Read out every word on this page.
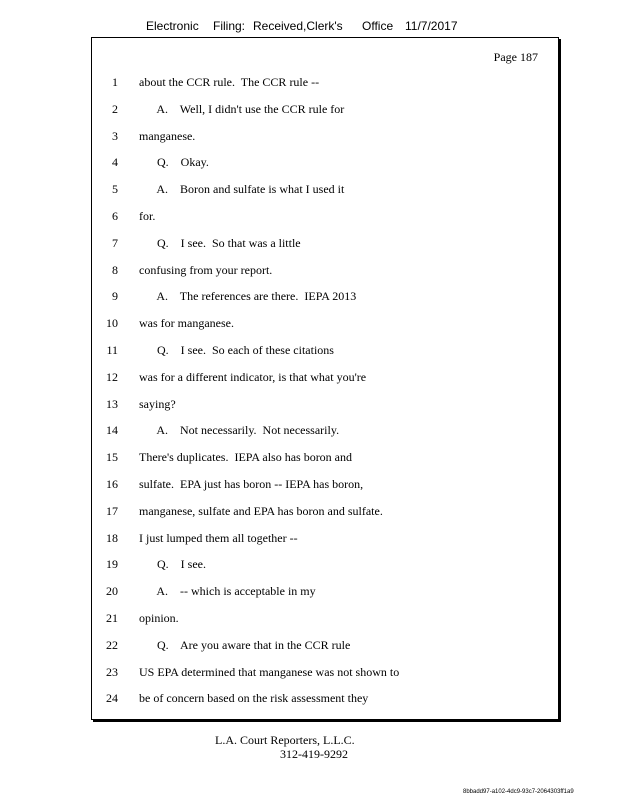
Electronic Filing: Received,Clerk's Office 11/7/2017
Page 187
1 about the CCR rule.  The CCR rule --
2 A.    Well, I didn't use the CCR rule for
3 manganese.
4 Q.    Okay.
5 A.    Boron and sulfate is what I used it
6 for.
7 Q.    I see.  So that was a little
8 confusing from your report.
9 A.    The references are there.  IEPA 2013
10 was for manganese.
11 Q.    I see.  So each of these citations
12 was for a different indicator, is that what you're
13 saying?
14 A.    Not necessarily.  Not necessarily.
15 There's duplicates.  IEPA also has boron and
16 sulfate.  EPA just has boron -- IEPA has boron,
17 manganese, sulfate and EPA has boron and sulfate.
18 I just lumped them all together --
19 Q.    I see.
20 A.    -- which is acceptable in my
21 opinion.
22 Q.    Are you aware that in the CCR rule
23 US EPA determined that manganese was not shown to
24 be of concern based on the risk assessment they
L.A. Court Reporters, L.L.C.
312-419-9292
8bbadd97-a102-4dc9-93c7-2064303ff1a9
